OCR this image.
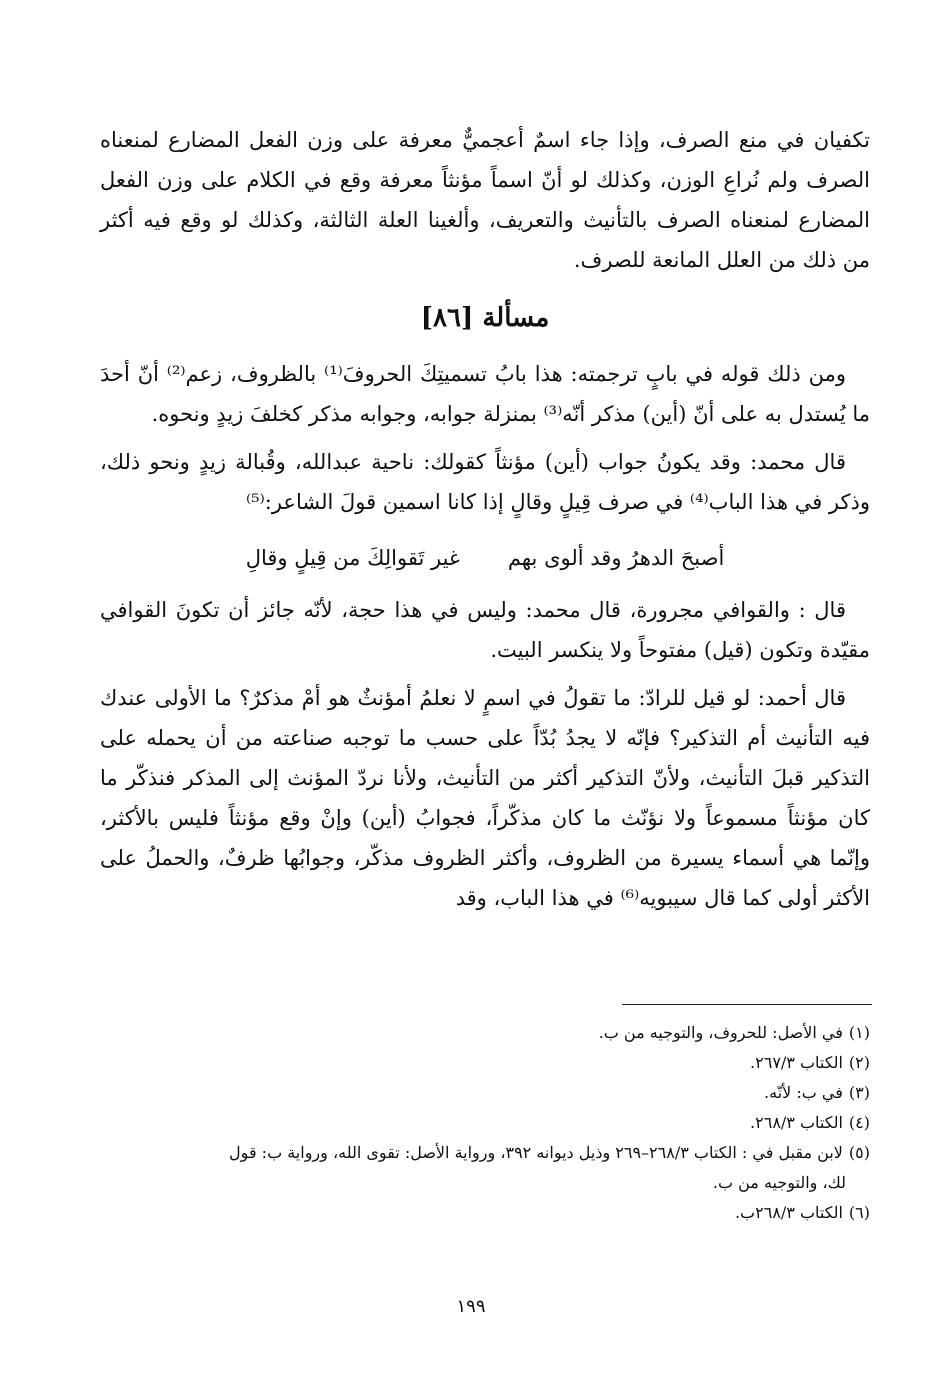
تكفيان في منع الصرف، وإذا جاء اسمٌ أعجميٌّ معرفة على وزن الفعل المضارع لمنعناه الصرف ولم نُراعِ الوزن، وكذلك لو أنّ اسماً مؤنثاً معرفة وقع في الكلام على وزن الفعل المضارع لمنعناه الصرف بالتأنيث والتعريف، وألغينا العلة الثالثة، وكذلك لو وقع فيه أكثر من ذلك من العلل المانعة للصرف.

مسألة [٨٦]

ومن ذلك قوله في بابٍ ترجمته: هذا بابُ تسميتِكَ الحروفَ⁽¹⁾ بالظروف، زعم⁽²⁾ أنّ أحدَ ما يُستدل به على أنّ (أين) مذكر أنّه⁽³⁾ بمنزلة جوابه، وجوابه مذكر كخلفَ زيدٍ ونحوه.

قال محمد: وقد يكونُ جواب (أين) مؤنثاً كقولك: ناحية عبدالله، وقُبالة زيدٍ ونحو ذلك، وذكر في هذا الباب⁽⁴⁾ في صرف قِيلٍ وقالٍ إذا كانا اسمين قولَ الشاعر:⁽⁵⁾

أصبحَ الدهرُ وقد ألوى بهم
غير تَقوالِكَ من قِيلٍ وقالِ

قال : والقوافي مجرورة، قال محمد: وليس في هذا حجة، لأنّه جائز أن تكونَ القوافي مقيّدة وتكون (قيل) مفتوحاً ولا ينكسر البيت.

قال أحمد: لو قيل للرادّ: ما تقولُ في اسمٍ لا نعلمُ أمؤنثٌ هو أمْ مذكرٌ؟ ما الأولى عندك فيه التأنيث أم التذكير؟ فإنّه لا يجدُ بُدّاً على حسب ما توجبه صناعته من أن يحمله على التذكير قبلَ التأنيث، ولأنّ التذكير أكثر من التأنيث، ولأنا نردّ المؤنث إلى المذكر فنذكّر ما كان مؤنثاً مسموعاً ولا نؤنّث ما كان مذكّراً، فجوابُ (أين) وإنْ وقع مؤنثاً فليس بالأكثر، وإنّما هي أسماء يسيرة من الظروف، وأكثر الظروف مذكّر، وجوابُها ظرفٌ، والحملُ على الأكثر أولى كما قال سيبويه⁽⁶⁾ في هذا الباب، وقد

(١)في الأصل: للحروف، والتوجيه من ب.

(٢)الكتاب ٢٦٧/٣.

(٣)في ب: لأنّه.

(٤)الكتاب ٢٦٨/٣.

(٥)لابن مقبل في : الكتاب ٢٦٨/٣–٢٦٩ وذيل ديوانه ٣٩٢، ورواية الأصل: تقوى الله، ورواية ب: قول

لك، والتوجيه من ب.

(٦)الكتاب ٢٦٨/٣ب.

١٩٩
